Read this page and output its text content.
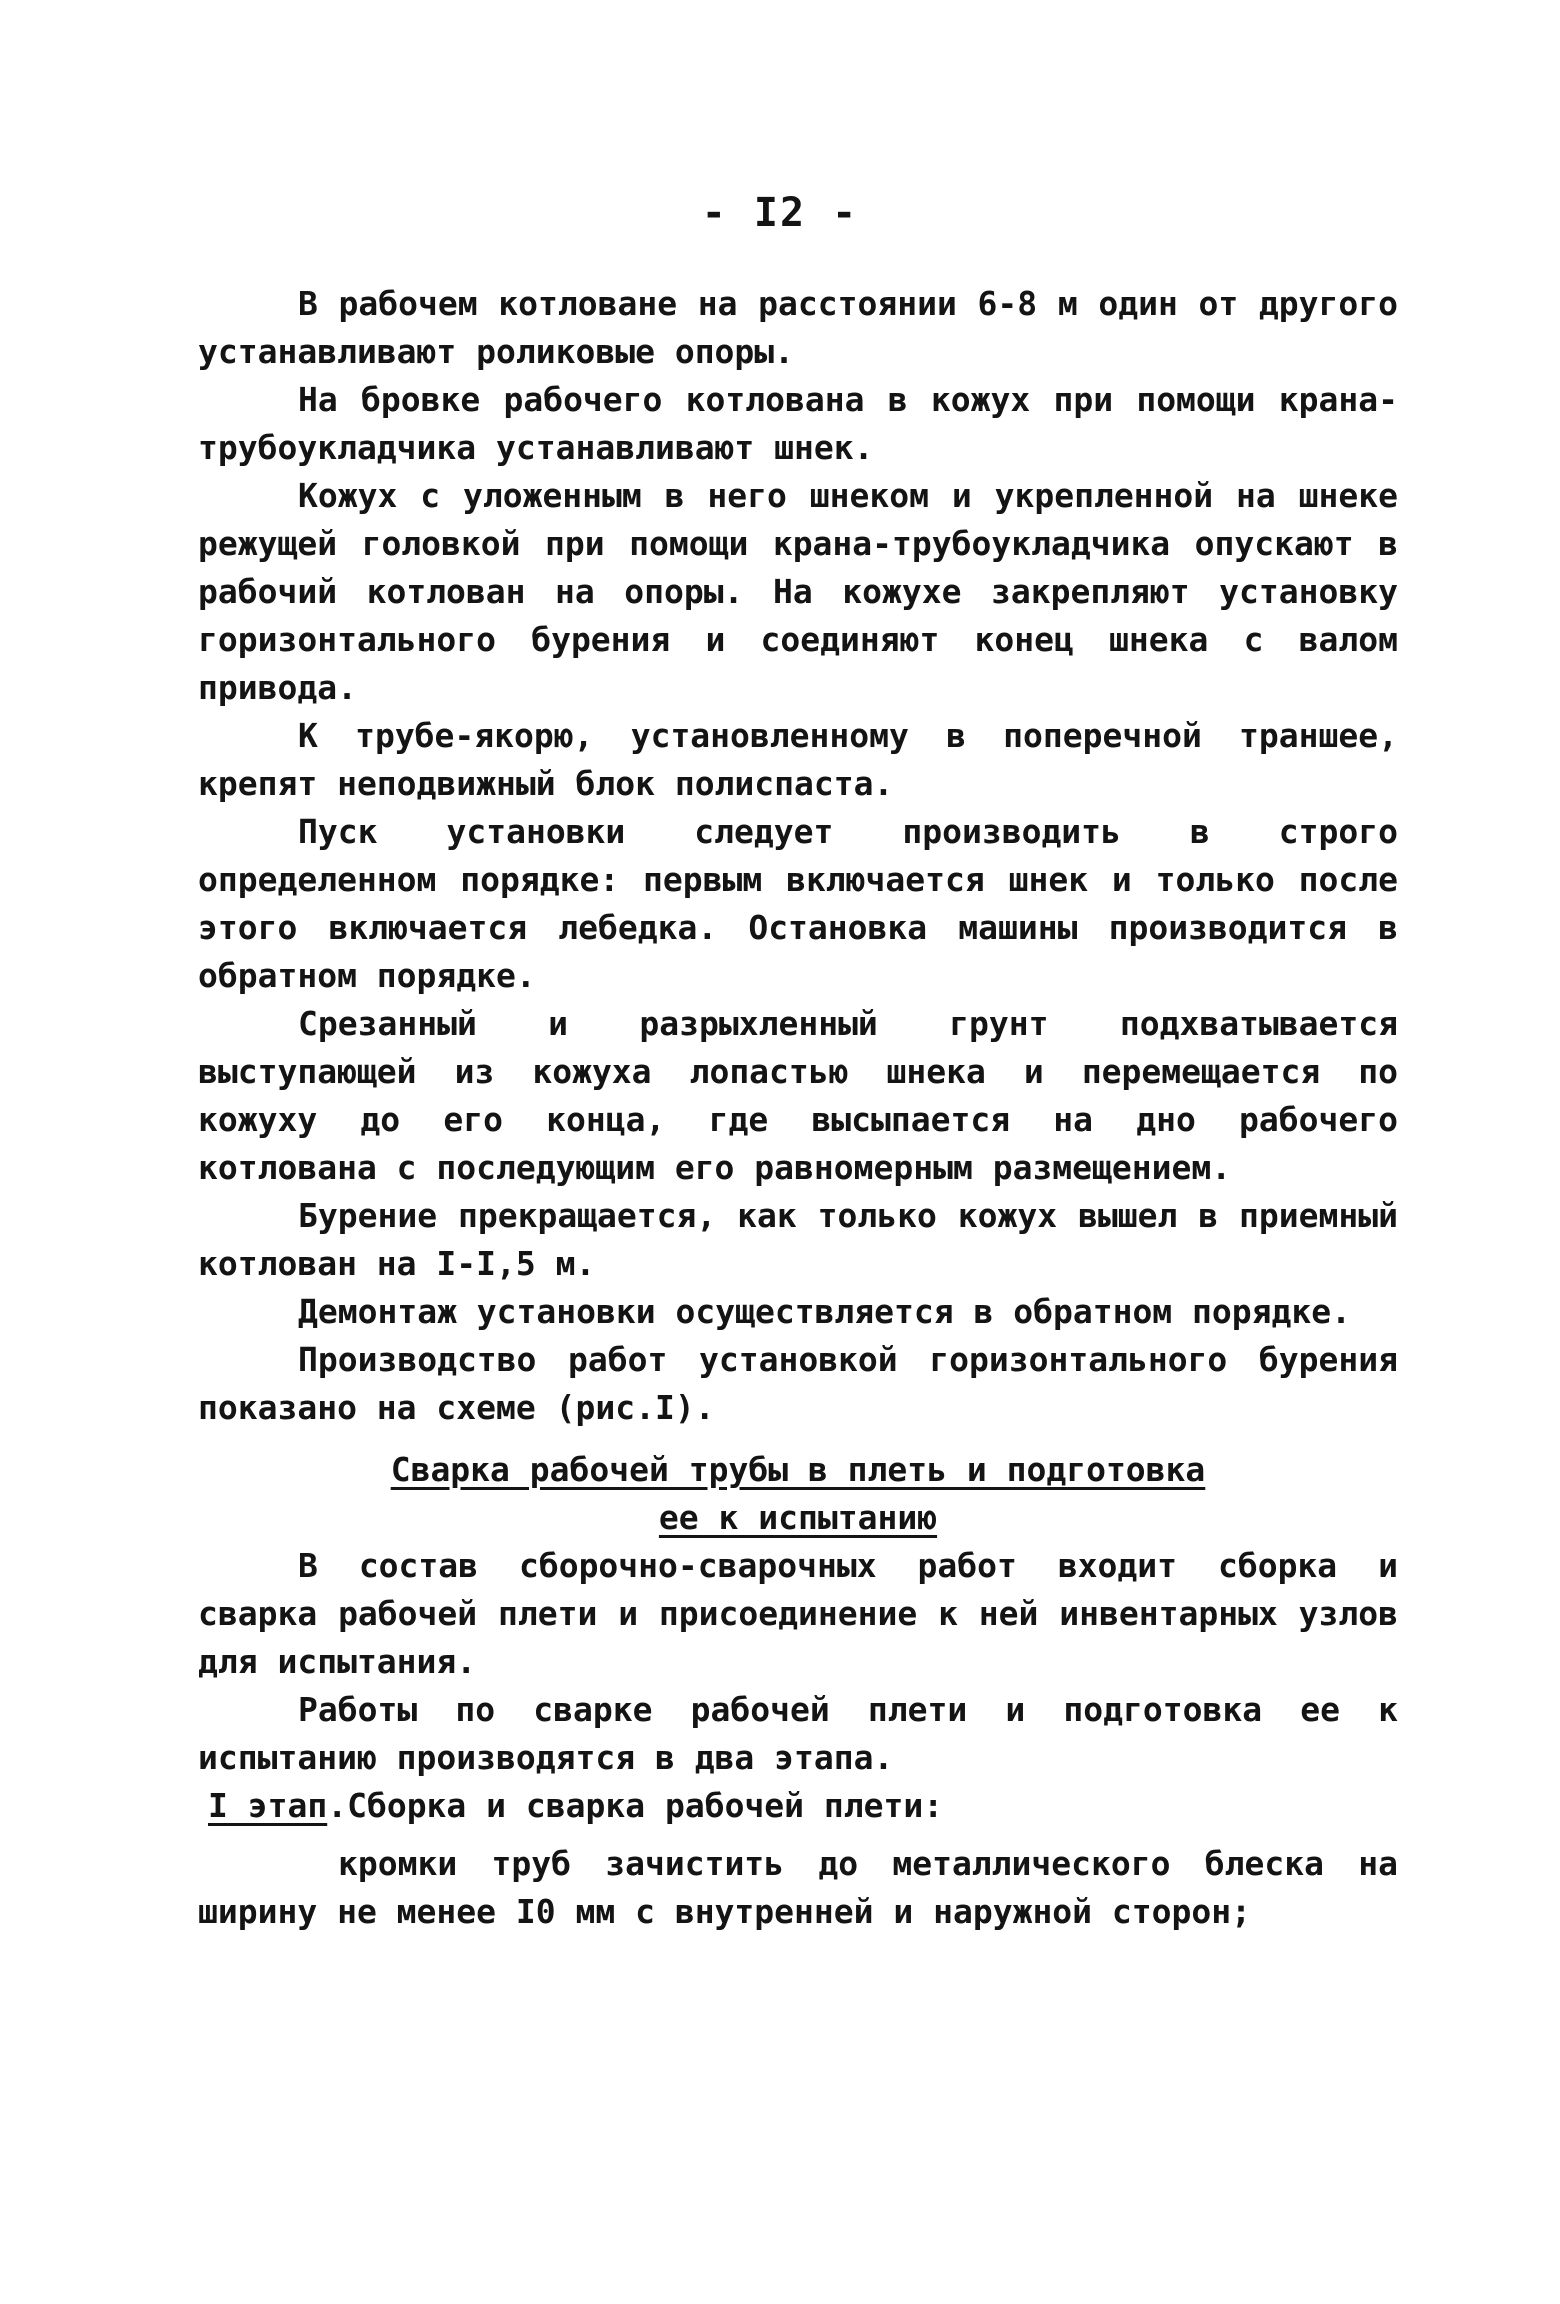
- I2 -

В рабочем котловане на расстоянии 6-8 м один от другого устанавливают роликовые опоры.

На бровке рабочего котлована в кожух при помощи крана-трубоукладчика устанавливают шнек.

Кожух с уложенным в него шнеком и укрепленной на шнеке режущей головкой при помощи крана-трубоукладчика опускают в рабочий котлован на опоры. На кожухе закрепляют установку горизонтального бурения и соединяют конец шнека с валом привода.

К трубе-якорю, установленному в поперечной траншее, крепят неподвижный блок полиспаста.

Пуск установки следует производить в строго определенном порядке: первым включается шнек и только после этого включается лебедка. Остановка машины производится в обратном порядке.

Срезанный и разрыхленный грунт подхватывается выступающей из кожуха лопастью шнека и перемещается по кожуху до его конца, где высыпается на дно рабочего котлована с последующим его равномерным размещением.

Бурение прекращается, как только кожух вышел в приемный котлован на I-I,5 м.

Демонтаж установки осуществляется в обратном порядке.

Производство работ установкой горизонтального бурения показано на схеме (рис.I).

Сварка рабочей трубы в плеть и подготовка
ее к испытанию

В состав сборочно-сварочных работ входит сборка и сварка рабочей плети и присоединение к ней инвентарных узлов для испытания.

Работы по сварке рабочей плети и подготовка ее к испытанию производятся в два этапа.

I этап.Сборка и сварка рабочей плети:

кромки труб зачистить до металлического блеска на ширину не менее I0 мм с внутренней и наружной сторон;
